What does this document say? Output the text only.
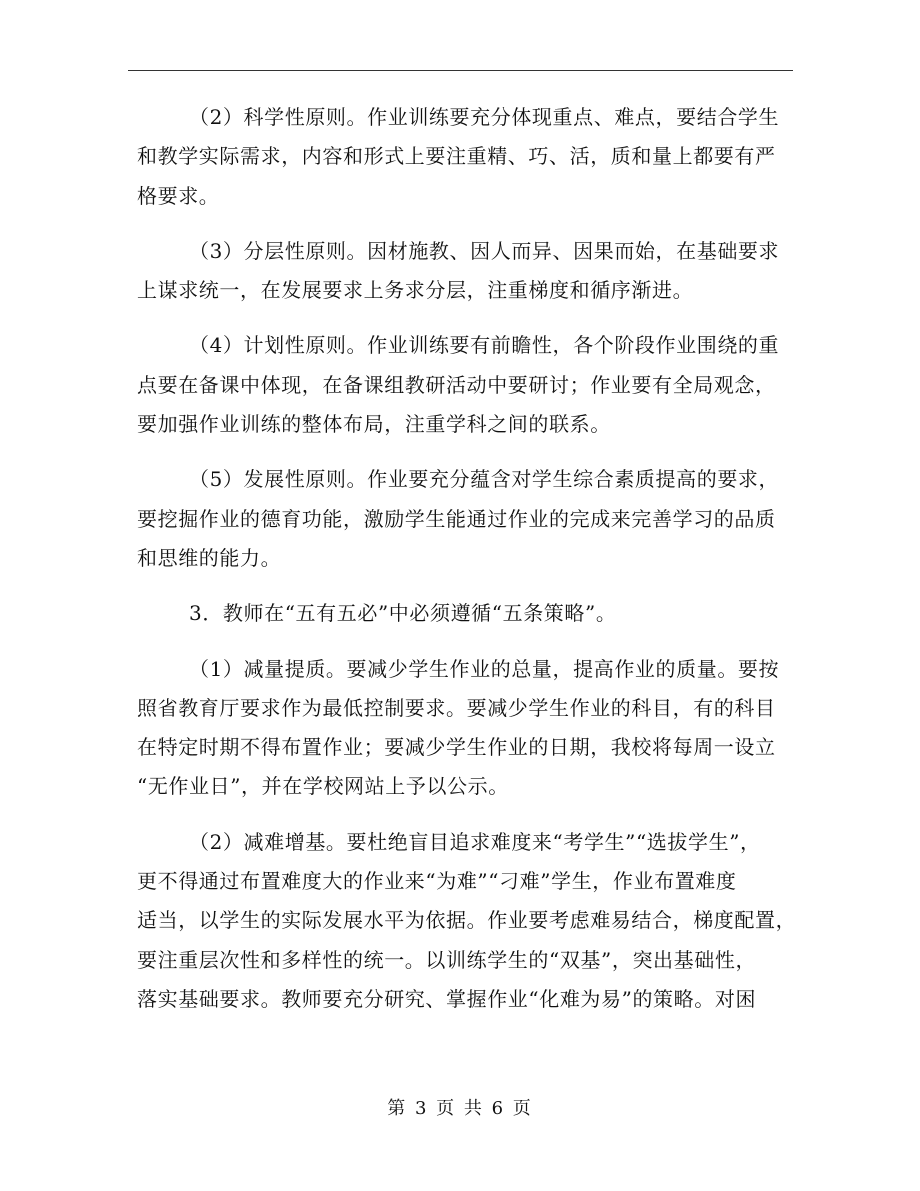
（2）科学性原则。作业训练要充分体现重点、难点，要结合学生
和教学实际需求，内容和形式上要注重精、巧、活，质和量上都要有严
格要求。

（3）分层性原则。因材施教、因人而异、因果而始，在基础要求
上谋求统一，在发展要求上务求分层，注重梯度和循序渐进。

（4）计划性原则。作业训练要有前瞻性，各个阶段作业围绕的重
点要在备课中体现，在备课组教研活动中要研讨；作业要有全局观念，
要加强作业训练的整体布局，注重学科之间的联系。

（5）发展性原则。作业要充分蕴含对学生综合素质提高的要求，
要挖掘作业的德育功能，激励学生能通过作业的完成来完善学习的品质
和思维的能力。

3．教师在“五有五必”中必须遵循“五条策略”。

（1）减量提质。要减少学生作业的总量，提高作业的质量。要按
照省教育厅要求作为最低控制要求。要减少学生作业的科目，有的科目
在特定时期不得布置作业；要减少学生作业的日期，我校将每周一设立
“无作业日”，并在学校网站上予以公示。

（2）减难增基。要杜绝盲目追求难度来“考学生”“选拔学生”，
更不得通过布置难度大的作业来“为难”“刁难”学生，作业布置难度
适当，以学生的实际发展水平为依据。作业要考虑难易结合，梯度配置，
要注重层次性和多样性的统一。以训练学生的“双基”，突出基础性，
落实基础要求。教师要充分研究、掌握作业“化难为易”的策略。对困

第 3 页 共 6 页
